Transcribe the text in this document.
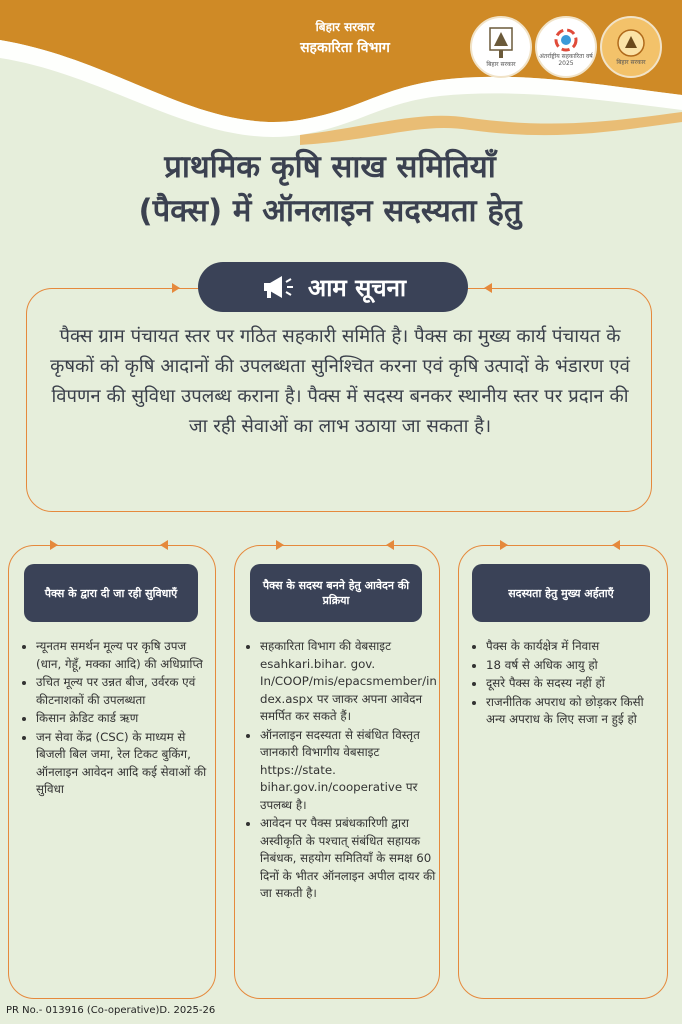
बिहार सरकार
सहकारिता विभाग
बिहार सरकार
अंतर्राष्ट्रीय सहकारिता वर्ष 2025	बिहार सरकार
प्राथमिक कृषि साख समितियाँ
(पैक्स) में ऑनलाइन सदस्यता हेतु
आम सूचना
पैक्स ग्राम पंचायत स्तर पर गठित सहकारी समिति है। पैक्स का मुख्य कार्य पंचायत के कृषकों को कृषि आदानों की उपलब्धता सुनिश्चित करना एवं कृषि उत्पादों के भंडारण एवं विपणन की सुविधा उपलब्ध कराना है। पैक्स में सदस्य बनकर स्थानीय स्तर पर प्रदान की जा रही सेवाओं का लाभ उठाया जा सकता है।
पैक्स के द्वारा दी जा रही सुविधाएँ
• न्यूनतम समर्थन मूल्य पर कृषि उपज (धान, गेहूँ, मक्का आदि) की अधिप्राप्ति
• उचित मूल्य पर उन्नत बीज, उर्वरक एवं कीटनाशकों की उपलब्धता
• किसान क्रेडिट कार्ड ऋण
• जन सेवा केंद्र (CSC) के माध्यम से बिजली बिल जमा, रेल टिकट बुकिंग, ऑनलाइन आवेदन आदि कई सेवाओं की सुविधा
पैक्स के सदस्य बनने हेतु आवेदन की प्रक्रिया
• सहकारिता विभाग की वेबसाइट esahkari.bihar. gov. In/COOP/mis/epacsmember/index.aspx पर जाकर अपना आवेदन समर्पित कर सकते हैं।
• ऑनलाइन सदस्यता से संबंधित विस्तृत जानकारी विभागीय वेबसाइट https://state. bihar.gov.in/cooperative पर उपलब्ध है।
• आवेदन पर पैक्स प्रबंधकारिणी द्वारा अस्वीकृति के पश्चात् संबंधित सहायक निबंधक, सहयोग समितियाँ के समक्ष 60 दिनों के भीतर ऑनलाइन अपील दायर की जा सकती है।
सदस्यता हेतु मुख्य अर्हताएँ
• पैक्स के कार्यक्षेत्र में निवास
• 18 वर्ष से अधिक आयु हो
• दूसरे पैक्स के सदस्य नहीं हों
• राजनीतिक अपराध को छोड़कर किसी अन्य अपराध के लिए सजा न हुई हो
PR No.- 013916 (Co-operative)D. 2025-26
